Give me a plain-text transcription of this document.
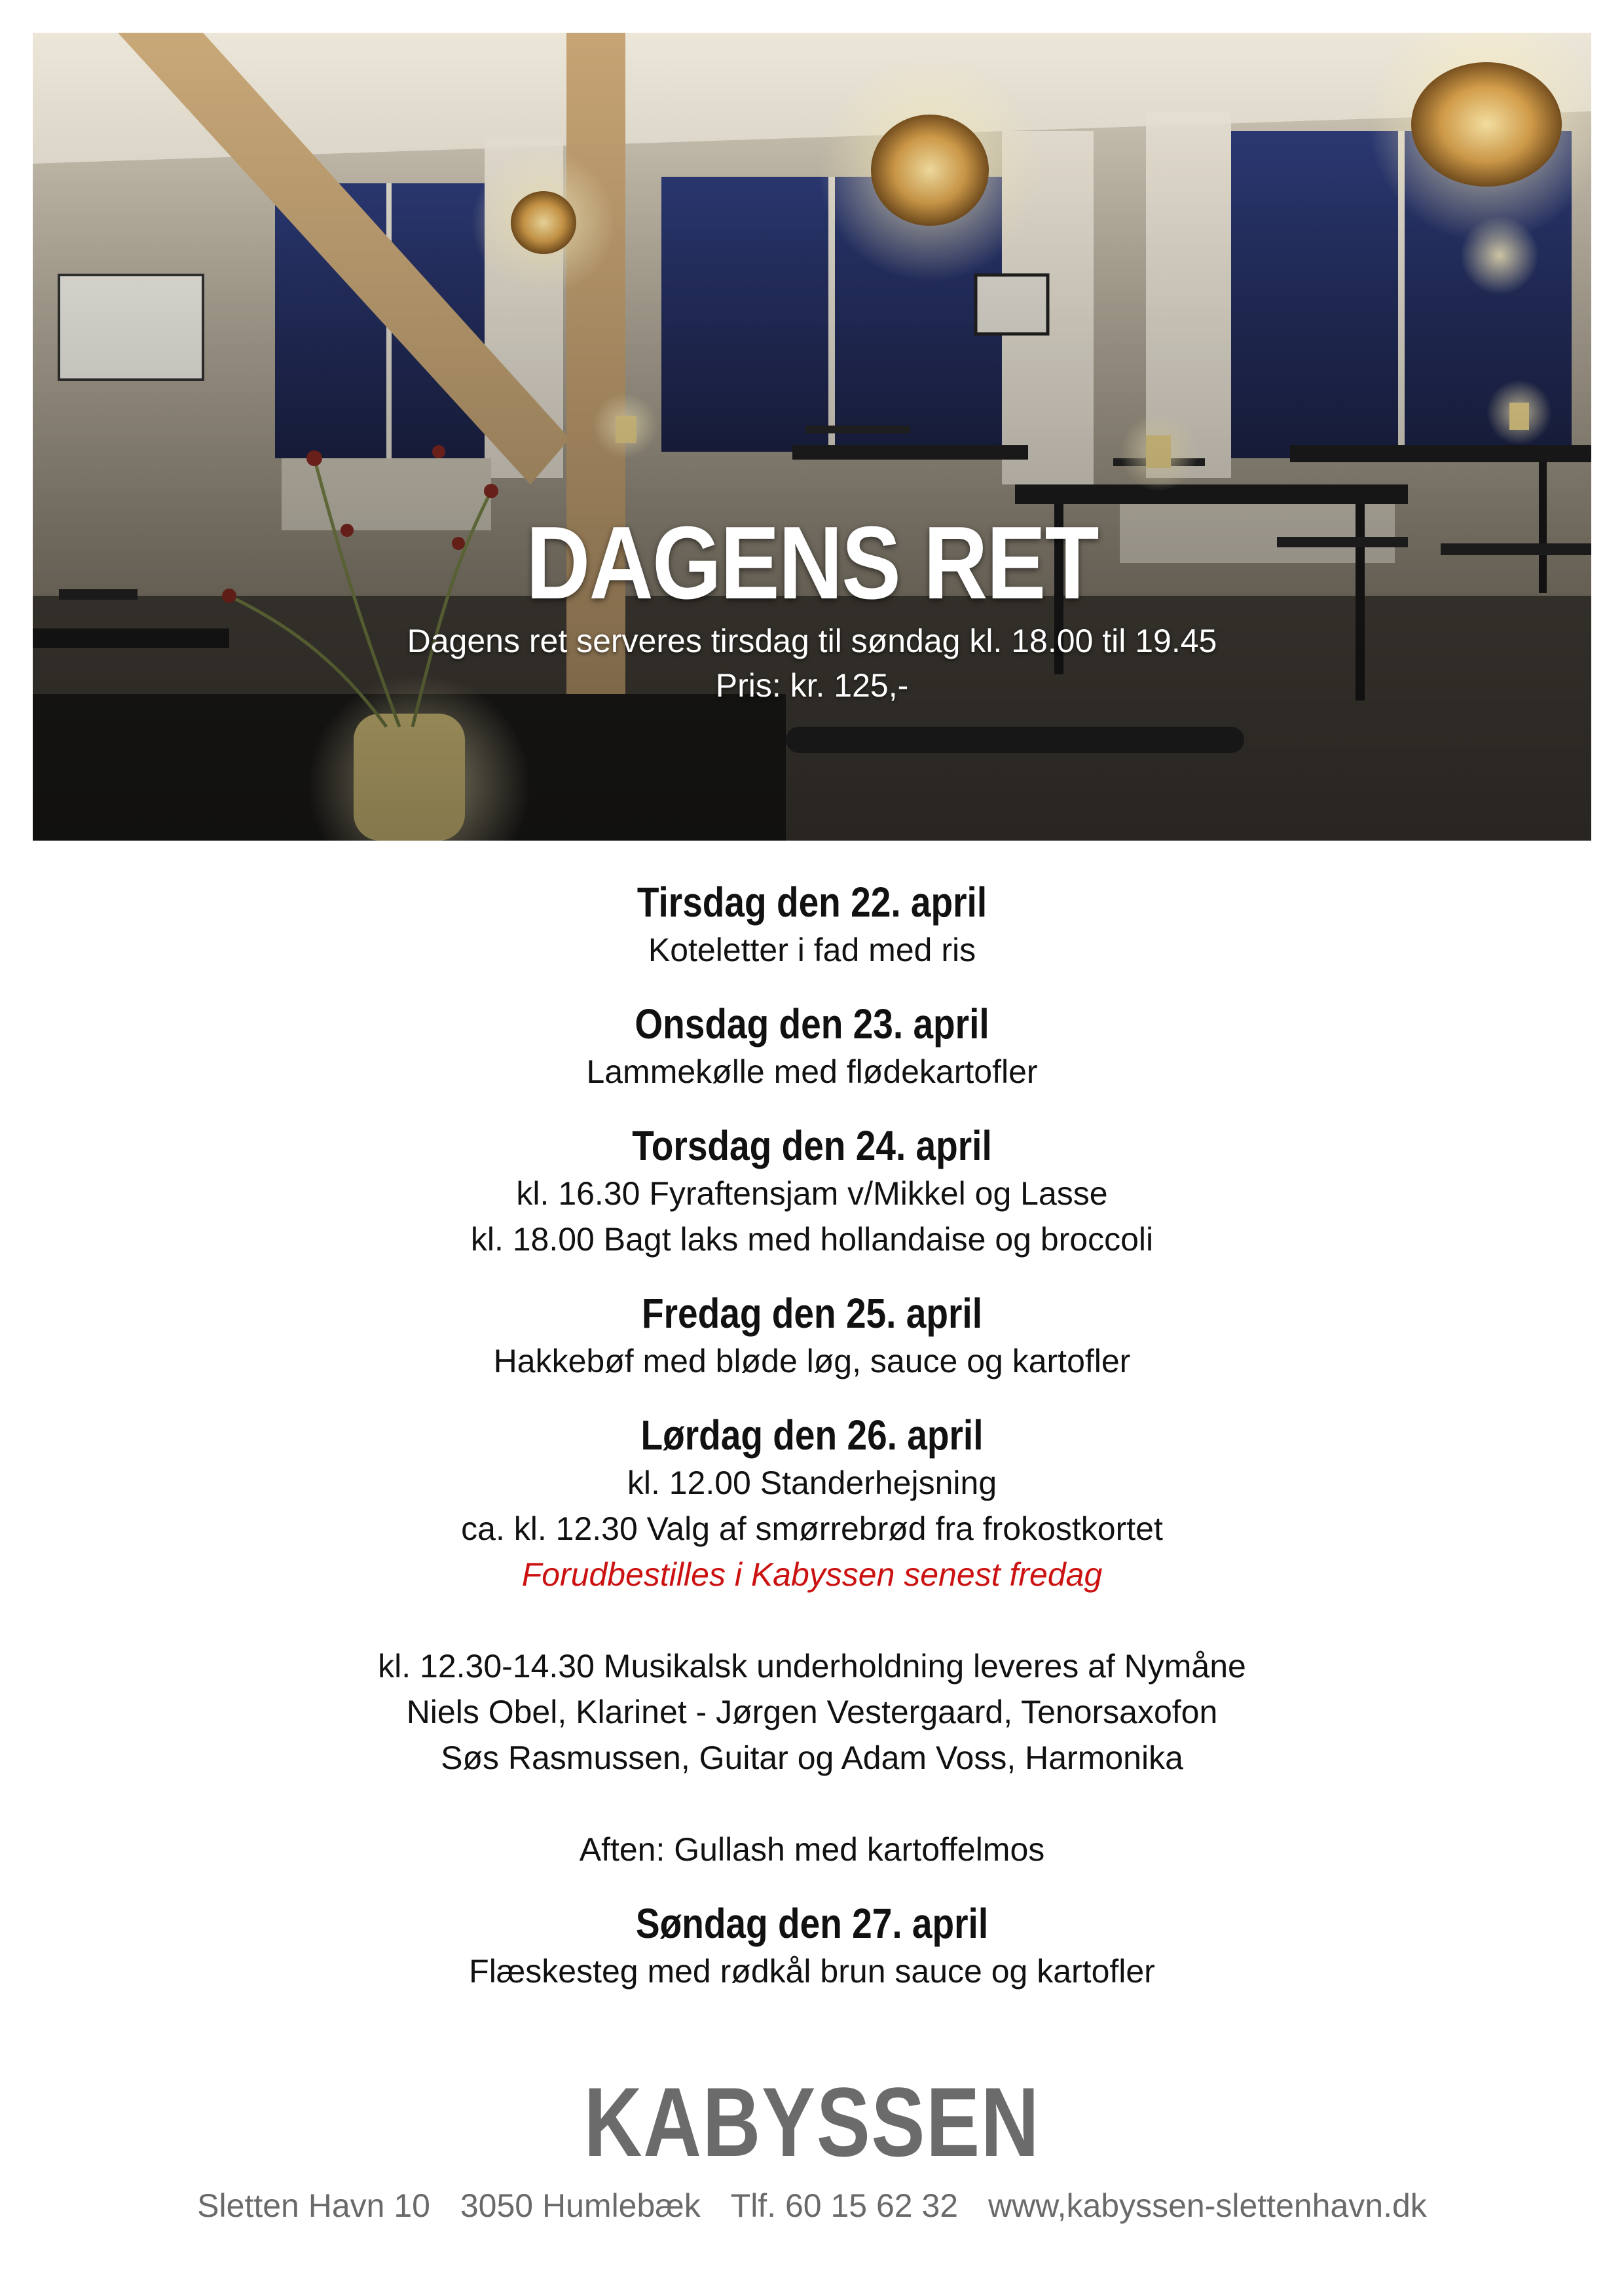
DAGENS RET
Dagens ret serveres tirsdag til søndag kl. 18.00 til 19.45
Pris: kr. 125,-
Tirsdag den 22. april
Koteletter i fad med ris
Onsdag den 23. april
Lammekølle med flødekartofler
Torsdag den 24. april
kl. 16.30 Fyraftensjam v/Mikkel og Lasse
kl. 18.00 Bagt laks med hollandaise og broccoli
Fredag den 25. april
Hakkebøf med bløde løg, sauce og kartofler
Lørdag den 26. april
kl. 12.00 Standerhejsning
ca. kl. 12.30 Valg af smørrebrød fra frokostkortet
Forudbestilles i Kabyssen senest fredag
kl. 12.30-14.30 Musikalsk underholdning leveres af Nymåne
Niels Obel, Klarinet - Jørgen Vestergaard, Tenorsaxofon
Søs Rasmussen, Guitar og Adam Voss, Harmonika
Aften: Gullash med kartoffelmos
Søndag den 27. april
Flæskesteg med rødkål brun sauce og kartofler
KABYSSEN
Sletten Havn 10 3050 Humlebæk Tlf. 60 15 62 32 www,kabyssen-slettenhavn.dk
